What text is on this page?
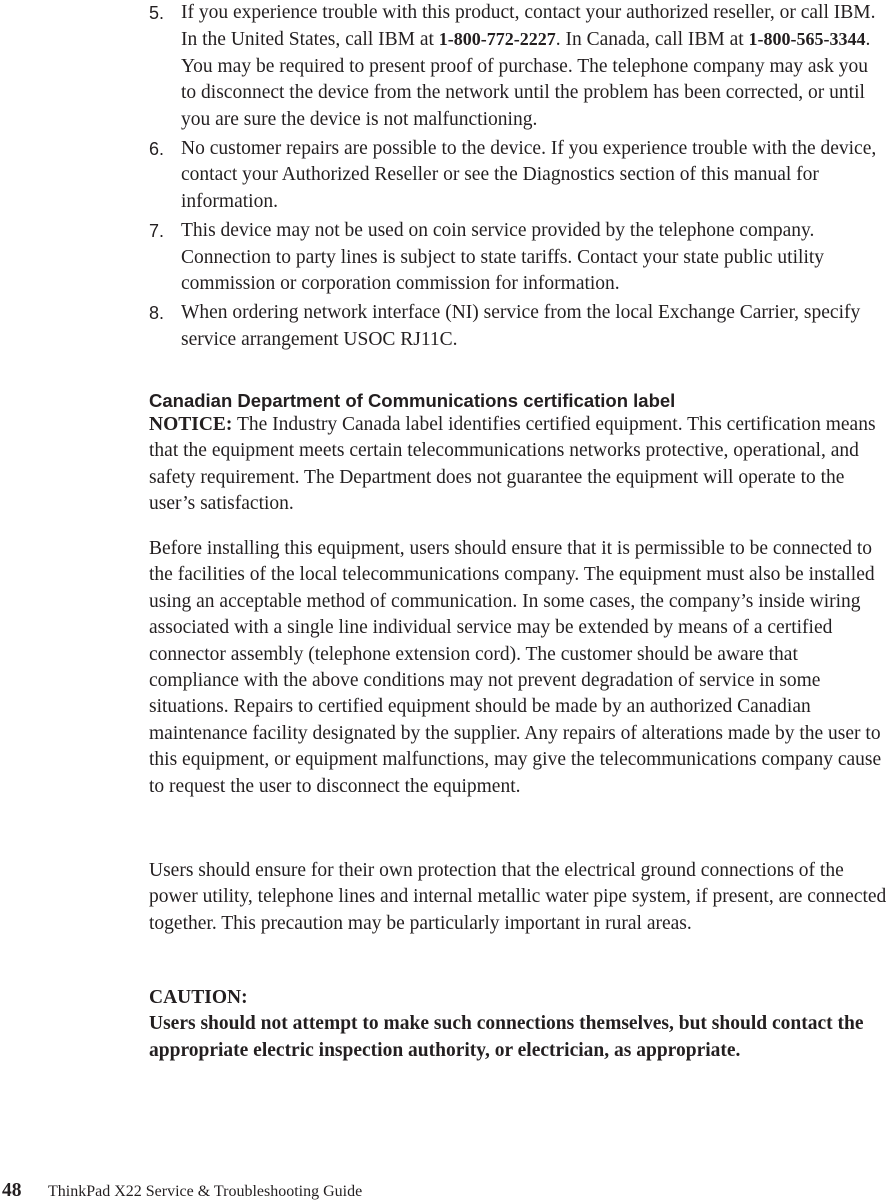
5. If you experience trouble with this product, contact your authorized reseller, or call IBM. In the United States, call IBM at 1-800-772-2227. In Canada, call IBM at 1-800-565-3344. You may be required to present proof of purchase. The telephone company may ask you to disconnect the device from the network until the problem has been corrected, or until you are sure the device is not malfunctioning.
6. No customer repairs are possible to the device. If you experience trouble with the device, contact your Authorized Reseller or see the Diagnostics section of this manual for information.
7. This device may not be used on coin service provided by the telephone company. Connection to party lines is subject to state tariffs. Contact your state public utility commission or corporation commission for information.
8. When ordering network interface (NI) service from the local Exchange Carrier, specify service arrangement USOC RJ11C.
Canadian Department of Communications certification label

NOTICE: The Industry Canada label identifies certified equipment. This certification means that the equipment meets certain telecommunications networks protective, operational, and safety requirement. The Department does not guarantee the equipment will operate to the user’s satisfaction.

Before installing this equipment, users should ensure that it is permissible to be connected to the facilities of the local telecommunications company. The equipment must also be installed using an acceptable method of communication. In some cases, the company’s inside wiring associated with a single line individual service may be extended by means of a certified connector assembly (telephone extension cord). The customer should be aware that compliance with the above conditions may not prevent degradation of service in some situations. Repairs to certified equipment should be made by an authorized Canadian maintenance facility designated by the supplier. Any repairs of alterations made by the user to this equipment, or equipment malfunctions, may give the telecommunications company cause to request the user to disconnect the equipment.

Users should ensure for their own protection that the electrical ground connections of the power utility, telephone lines and internal metallic water pipe system, if present, are connected together. This precaution may be particularly important in rural areas.

CAUTION:

Users should not attempt to make such connections themselves, but should contact the appropriate electric inspection authority, or electrician, as appropriate.

48 ThinkPad X22 Service & Troubleshooting Guide
